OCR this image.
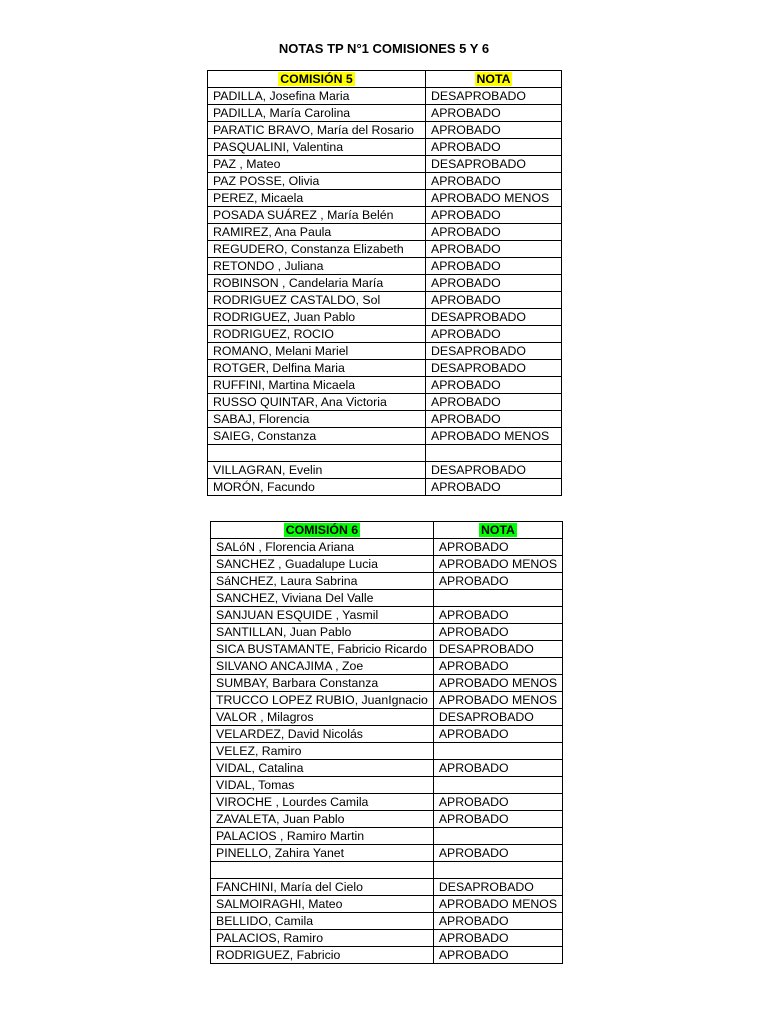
NOTAS TP N°1 COMISIONES 5 Y 6
COMISIÓN 5	NOTA
PADILLA, Josefina Maria	DESAPROBADO
PADILLA, María Carolina	APROBADO
PARATIC BRAVO, María del Rosario	APROBADO
PASQUALINI, Valentina	APROBADO
PAZ , Mateo	DESAPROBADO
PAZ POSSE, Olivia	APROBADO
PEREZ, Micaela	APROBADO MENOS
POSADA SUÁREZ , María Belén	APROBADO
RAMIREZ, Ana Paula	APROBADO
REGUDERO, Constanza Elizabeth	APROBADO
RETONDO , Juliana	APROBADO
ROBINSON , Candelaria María	APROBADO
RODRIGUEZ CASTALDO, Sol	APROBADO
RODRIGUEZ, Juan Pablo	DESAPROBADO
RODRIGUEZ, ROCIO	APROBADO
ROMANO, Melani Mariel	DESAPROBADO
ROTGER, Delfina Maria	DESAPROBADO
RUFFINI, Martina Micaela	APROBADO
RUSSO QUINTAR, Ana Victoria	APROBADO
SABAJ, Florencia	APROBADO
SAIEG, Constanza	APROBADO MENOS

VILLAGRAN, Evelin	DESAPROBADO
MORÓN, Facundo	APROBADO
COMISIÓN 6	NOTA
SALóN , Florencia Ariana	APROBADO
SANCHEZ , Guadalupe Lucia	APROBADO MENOS
SáNCHEZ, Laura Sabrina	APROBADO
SANCHEZ, Viviana Del Valle	
SANJUAN ESQUIDE , Yasmil	APROBADO
SANTILLAN, Juan Pablo	APROBADO
SICA BUSTAMANTE, Fabricio Ricardo	DESAPROBADO
SILVANO ANCAJIMA , Zoe	APROBADO
SUMBAY, Barbara Constanza	APROBADO MENOS
TRUCCO LOPEZ RUBIO, JuanIgnacio	APROBADO MENOS
VALOR , Milagros	DESAPROBADO
VELARDEZ, David Nicolás	APROBADO
VELEZ, Ramiro	
VIDAL, Catalina	APROBADO
VIDAL, Tomas	
VIROCHE , Lourdes Camila	APROBADO
ZAVALETA, Juan Pablo	APROBADO
PALACIOS , Ramiro Martin	
PINELLO, Zahira Yanet	APROBADO

FANCHINI, María del Cielo	DESAPROBADO
SALMOIRAGHI, Mateo	APROBADO MENOS
BELLIDO, Camila	APROBADO
PALACIOS, Ramiro	APROBADO
RODRIGUEZ, Fabricio	APROBADO
